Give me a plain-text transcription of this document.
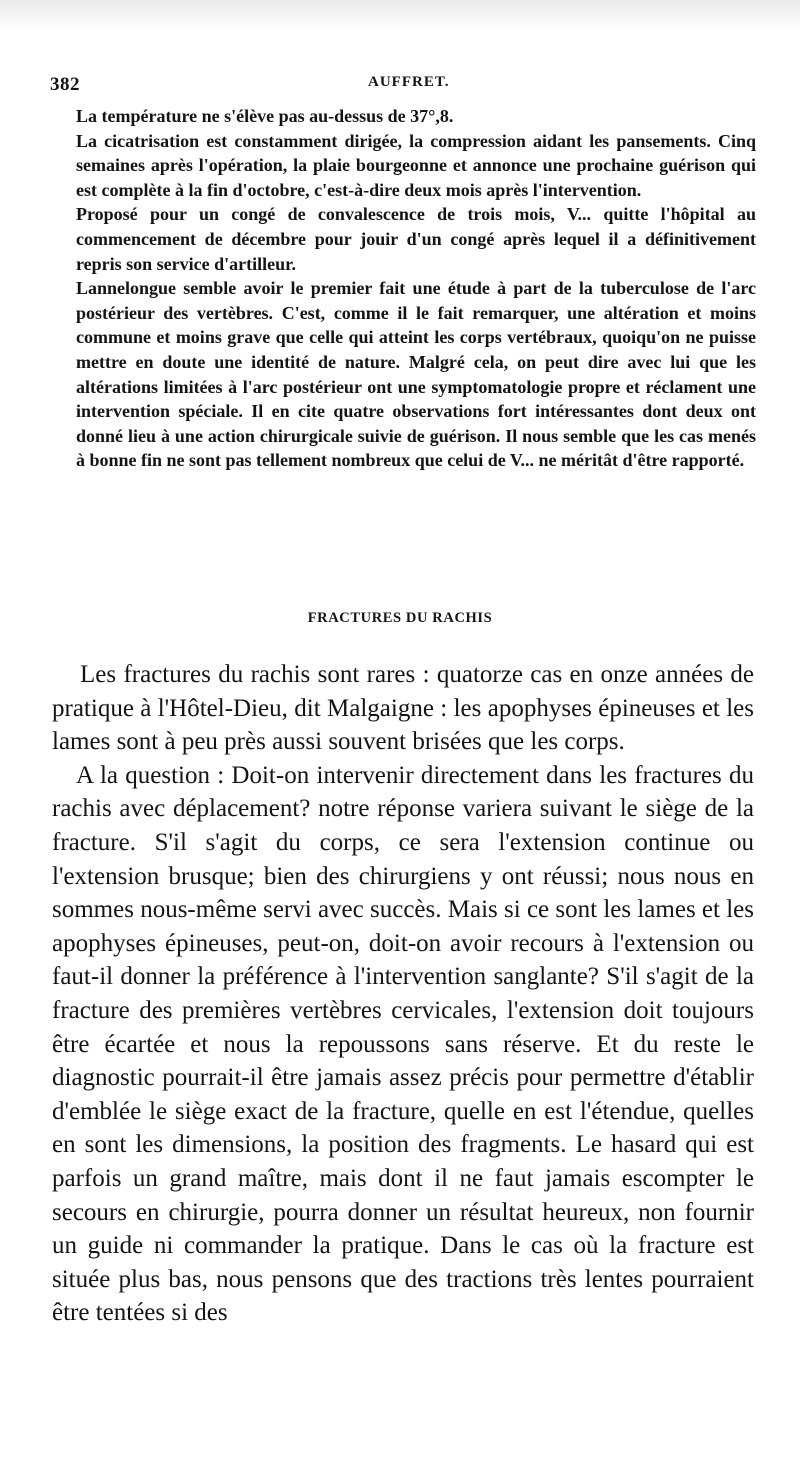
382	AUFFRET.

La température ne s'élève pas au-dessus de 37°,8.

La cicatrisation est constamment dirigée, la compression aidant les pansements. Cinq semaines après l'opération, la plaie bourgeonne et annonce une prochaine guérison qui est complète à la fin d'octobre, c'est-à-dire deux mois après l'intervention.

Proposé pour un congé de convalescence de trois mois, V... quitte l'hôpital au commencement de décembre pour jouir d'un congé après lequel il a définitivement repris son service d'artilleur.

Lannelongue semble avoir le premier fait une étude à part de la tuberculose de l'arc postérieur des vertèbres. C'est, comme il le fait remarquer, une altération et moins commune et moins grave que celle qui atteint les corps vertébraux, quoiqu'on ne puisse mettre en doute une identité de nature. Malgré cela, on peut dire avec lui que les altérations limitées à l'arc postérieur ont une symptomatologie propre et réclament une intervention spéciale. Il en cite quatre observations fort intéressantes dont deux ont donné lieu à une action chirurgicale suivie de guérison. Il nous semble que les cas menés à bonne fin ne sont pas tellement nombreux que celui de V... ne méritât d'être rapporté.

FRACTURES DU RACHIS

Les fractures du rachis sont rares : quatorze cas en onze années de pratique à l'Hôtel-Dieu, dit Malgaigne : les apophyses épineuses et les lames sont à peu près aussi souvent brisées que les corps.

A la question : Doit-on intervenir directement dans les fractures du rachis avec déplacement? notre réponse variera suivant le siège de la fracture. S'il s'agit du corps, ce sera l'extension continue ou l'extension brusque; bien des chirurgiens y ont réussi; nous nous en sommes nous-même servi avec succès. Mais si ce sont les lames et les apophyses épineuses, peut-on, doit-on avoir recours à l'extension ou faut-il donner la préférence à l'intervention sanglante? S'il s'agit de la fracture des premières vertèbres cervicales, l'extension doit toujours être écartée et nous la repoussons sans réserve. Et du reste le diagnostic pourrait-il être jamais assez précis pour permettre d'établir d'emblée le siège exact de la fracture, quelle en est l'étendue, quelles en sont les dimensions, la position des fragments. Le hasard qui est parfois un grand maître, mais dont il ne faut jamais escompter le secours en chirurgie, pourra donner un résultat heureux, non fournir un guide ni commander la pratique. Dans le cas où la fracture est située plus bas, nous pensons que des tractions très lentes pourraient être tentées si des
